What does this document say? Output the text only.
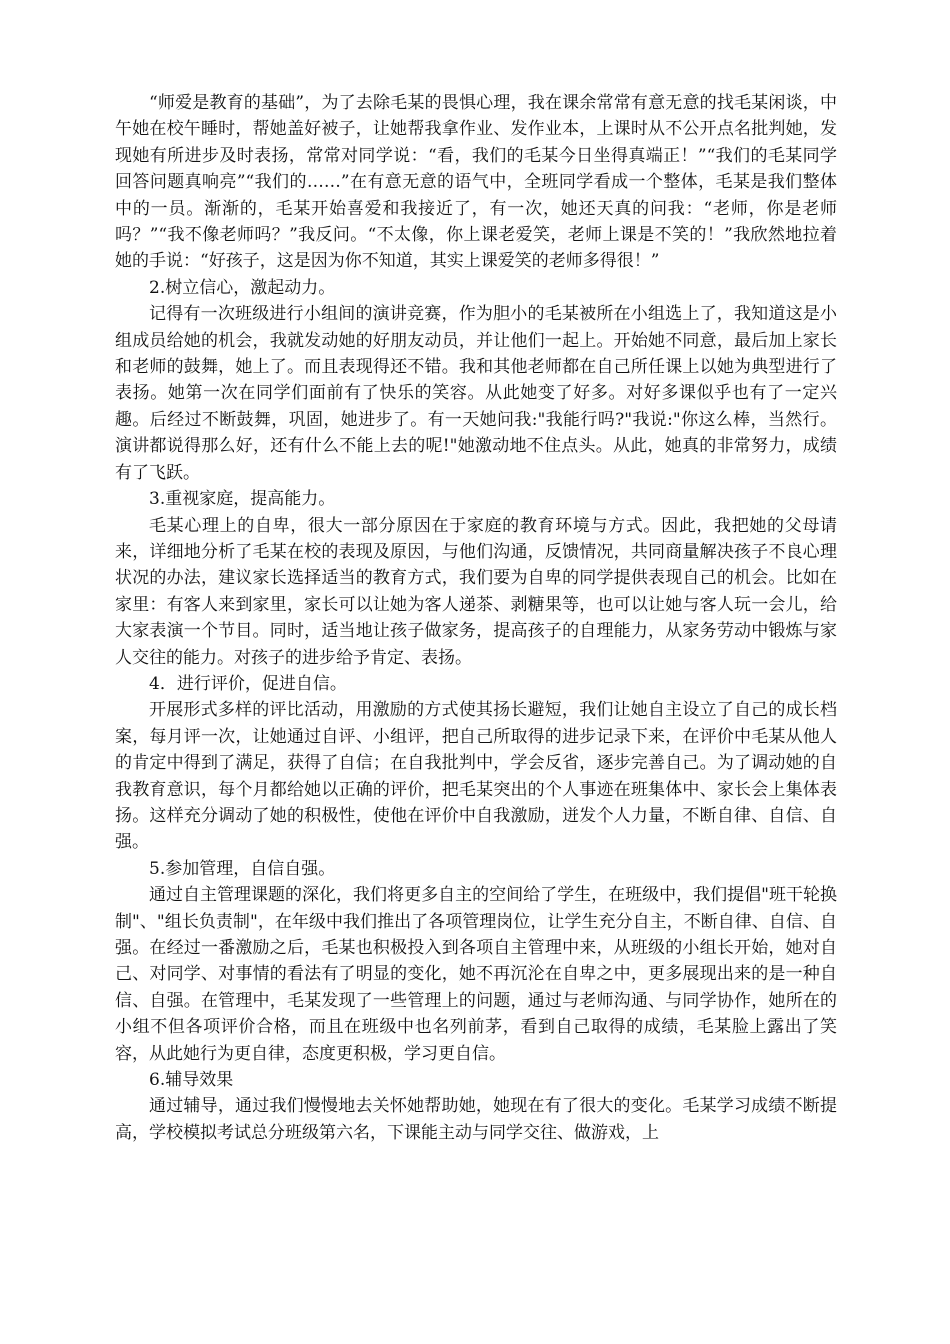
“师爱是教育的基础”，为了去除毛某的畏惧心理，我在课余常常有意无意的找毛某闲谈，中午她在校午睡时，帮她盖好被子，让她帮我拿作业、发作业本，上课时从不公开点名批判她，发现她有所进步及时表扬，常常对同学说：“看，我们的毛某今日坐得真端正！”“我们的毛某同学回答问题真响亮”“我们的……”在有意无意的语气中，全班同学看成一个整体，毛某是我们整体中的一员。渐渐的，毛某开始喜爱和我接近了，有一次，她还天真的问我：“老师，你是老师吗？”“我不像老师吗？”我反问。“不太像，你上课老爱笑，老师上课是不笑的！”我欣然地拉着她的手说：“好孩子，这是因为你不知道，其实上课爱笑的老师多得很！”

2.树立信心，激起动力。

记得有一次班级进行小组间的演讲竞赛，作为胆小的毛某被所在小组选上了，我知道这是小组成员给她的机会，我就发动她的好朋友动员，并让他们一起上。开始她不同意，最后加上家长和老师的鼓舞，她上了。而且表现得还不错。我和其他老师都在自己所任课上以她为典型进行了表扬。她第一次在同学们面前有了快乐的笑容。从此她变了好多。对好多课似乎也有了一定兴趣。后经过不断鼓舞，巩固，她进步了。有一天她问我:"我能行吗?"我说:"你这么棒，当然行。演讲都说得那么好，还有什么不能上去的呢!"她激动地不住点头。从此，她真的非常努力，成绩有了飞跃。

3.重视家庭，提高能力。

毛某心理上的自卑，很大一部分原因在于家庭的教育环境与方式。因此，我把她的父母请来，详细地分析了毛某在校的表现及原因，与他们沟通，反馈情况，共同商量解决孩子不良心理状况的办法，建议家长选择适当的教育方式，我们要为自卑的同学提供表现自己的机会。比如在家里：有客人来到家里，家长可以让她为客人递茶、剥糖果等，也可以让她与客人玩一会儿，给大家表演一个节目。同时，适当地让孩子做家务，提高孩子的自理能力，从家务劳动中锻炼与家人交往的能力。对孩子的进步给予肯定、表扬。

4．进行评价，促进自信。

开展形式多样的评比活动，用激励的方式使其扬长避短，我们让她自主设立了自己的成长档案，每月评一次，让她通过自评、小组评，把自己所取得的进步记录下来，在评价中毛某从他人的肯定中得到了满足，获得了自信；在自我批判中，学会反省，逐步完善自己。为了调动她的自我教育意识，每个月都给她以正确的评价，把毛某突出的个人事迹在班集体中、家长会上集体表扬。这样充分调动了她的积极性，使他在评价中自我激励，迸发个人力量，不断自律、自信、自强。

5.参加管理，自信自强。

通过自主管理课题的深化，我们将更多自主的空间给了学生，在班级中，我们提倡"班干轮换制"、"组长负责制"，在年级中我们推出了各项管理岗位，让学生充分自主，不断自律、自信、自强。在经过一番激励之后，毛某也积极投入到各项自主管理中来，从班级的小组长开始，她对自己、对同学、对事情的看法有了明显的变化，她不再沉沦在自卑之中，更多展现出来的是一种自信、自强。在管理中，毛某发现了一些管理上的问题，通过与老师沟通、与同学协作，她所在的小组不但各项评价合格，而且在班级中也名列前茅，看到自己取得的成绩，毛某脸上露出了笑容，从此她行为更自律，态度更积极，学习更自信。

6.辅导效果

通过辅导，通过我们慢慢地去关怀她帮助她，她现在有了很大的变化。毛某学习成绩不断提高，学校模拟考试总分班级第六名，下课能主动与同学交往、做游戏，上
